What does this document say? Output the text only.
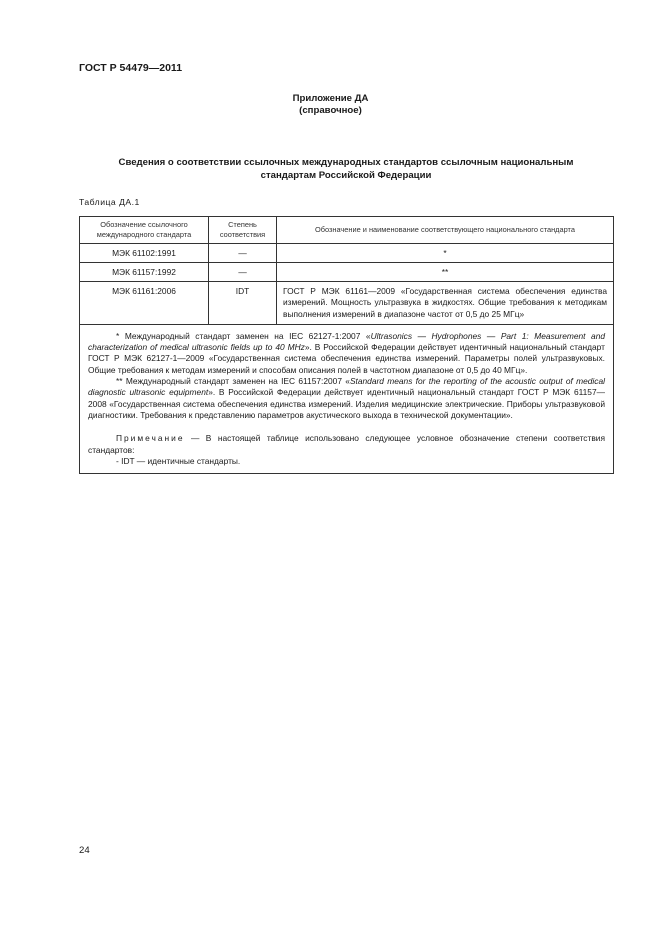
ГОСТ Р 54479—2011
Приложение ДА
(справочное)
Сведения о соответствии ссылочных международных стандартов ссылочным национальным
стандартам Российской Федерации
Таблица ДА.1
Обозначение ссылочного международного стандарта	Степень соответствия	Обозначение и наименование соответствующего национального стандарта
МЭК 61102:1991	—	*
МЭК 61157:1992	—	**
МЭК 61161:2006	IDT	ГОСТ Р МЭК 61161—2009 «Государственная система обеспечения единства измерений. Мощность ультразвука в жидкостях. Общие требования к методикам выполнения измерений в диапазоне частот от 0,5 до 25 МГц»

* Международный стандарт заменен на IEC 62127-1:2007 «Ultrasonics — Hydrophones — Part 1: Measurement and characterization of medical ultrasonic fields up to 40 MHz». В Российской Федерации действует идентичный национальный стандарт ГОСТ Р МЭК 62127-1—2009 «Государственная система обеспечения единства измерений. Параметры полей ультразвуковых. Общие требования к методам измерений и способам описания полей в частотном диапазоне от 0,5 до 40 МГц».

** Международный стандарт заменен на IEC 61157:2007 «Standard means for the reporting of the acoustic output of medical diagnostic ultrasonic equipment». В Российской Федерации действует идентичный национальный стандарт ГОСТ Р МЭК 61157—2008 «Государственная система обеспечения единства измерений. Изделия медицинские электрические. Приборы ультразвуковой диагностики. Требования к представлению параметров акустического выхода в технической документации».

Примечание — В настоящей таблице использовано следующее условное обозначение степени соответствия стандартов:

- IDT — идентичные стандарты.		

24
